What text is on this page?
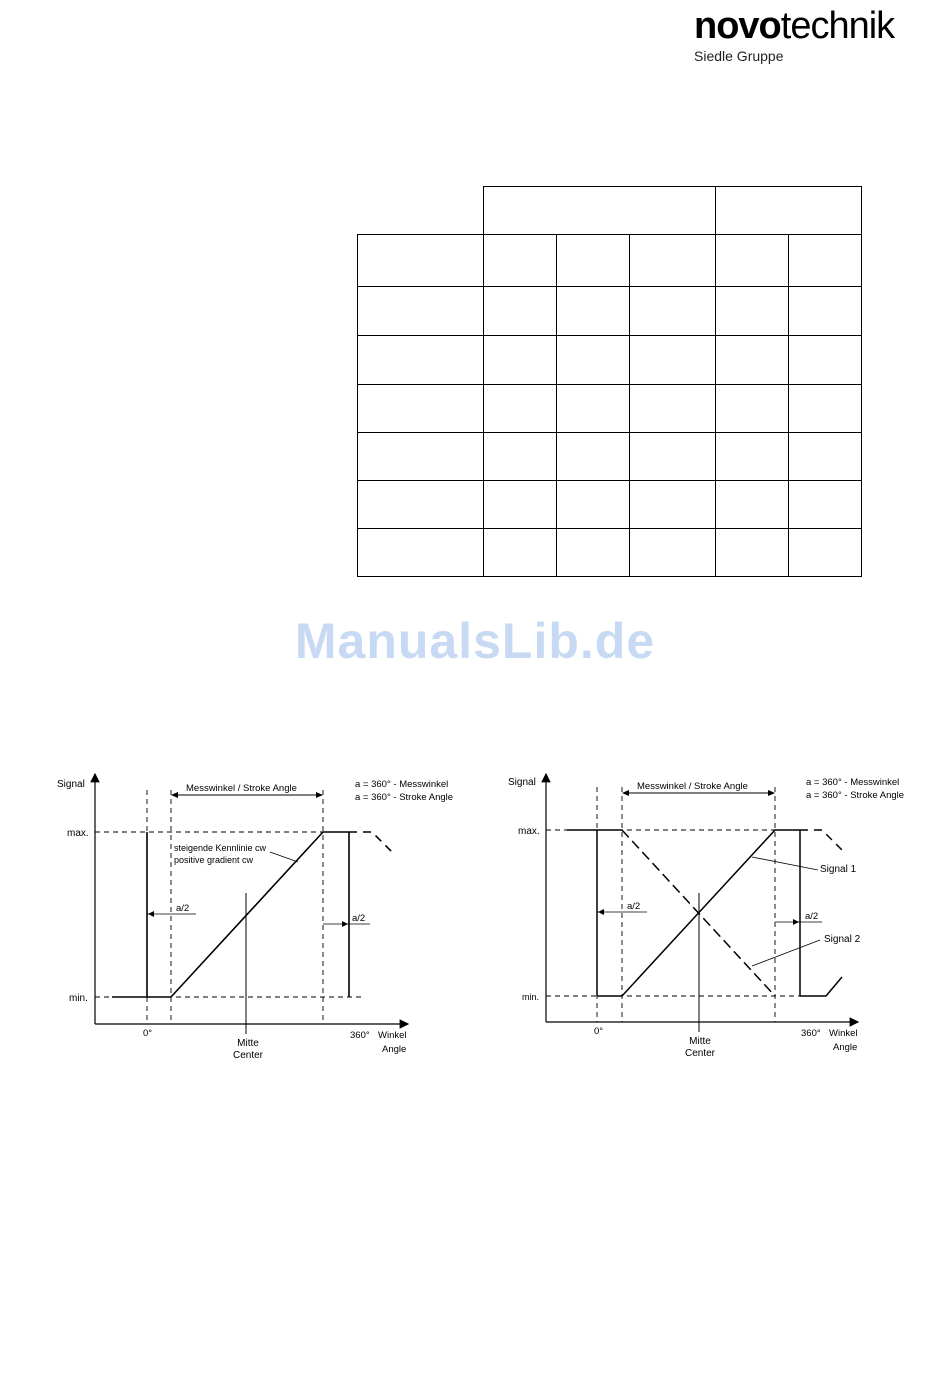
novotechnik
Siedle Gruppe

ManualsLib.de
Signal
max.
min.
Messwinkel / Stroke Angle	a = 360° - Messwinkel
a = 360° - Stroke Angle
steigende Kennlinie cw
positive gradient cw
a/2
a/2
0°	360°
Mitte
Center
Winkel
Angle
Signal
max.
min.
Messwinkel / Stroke Angle	a = 360° - Messwinkel
a = 360° - Stroke Angle
Signal 1
Signal 2
a/2
a/2
0°	360°
Mitte
Center
Winkel
Angle
